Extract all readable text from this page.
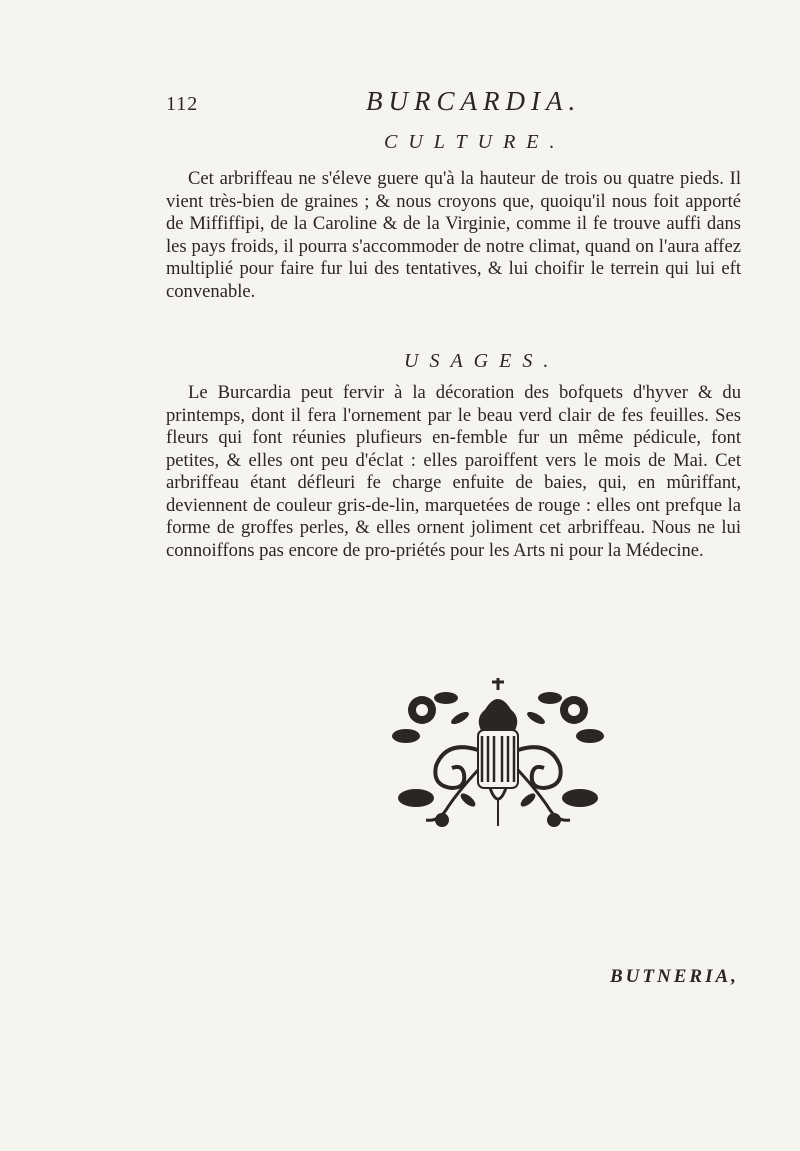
112	BURCARDIA.
CULTURE.

Cet arbriffeau ne s'éleve guere qu'à la hauteur de trois ou quatre pieds. Il vient très-bien de graines ; & nous croyons que, quoiqu'il nous foit apporté de Miffiffipi, de la Caroline & de la Virginie, comme il fe trouve auffi dans les pays froids, il pourra s'accommoder de notre climat, quand on l'aura affez multiplié pour faire fur lui des tentatives, & lui choifir le terrein qui lui eft convenable.

USAGES.

Le Burcardia peut fervir à la décoration des bofquets d'hyver & du printemps, dont il fera l'ornement par le beau verd clair de fes feuilles. Ses fleurs qui font réunies plufieurs en-femble fur un même pédicule, font petites, & elles ont peu d'éclat : elles paroiffent vers le mois de Mai. Cet arbriffeau étant défleuri fe charge enfuite de baies, qui, en mûriffant, deviennent de couleur gris-de-lin, marquetées de rouge : elles ont prefque la forme de groffes perles, & elles ornent joliment cet arbriffeau. Nous ne lui connoiffons pas encore de pro-priétés pour les Arts ni pour la Médecine.

BUTNERIA,
